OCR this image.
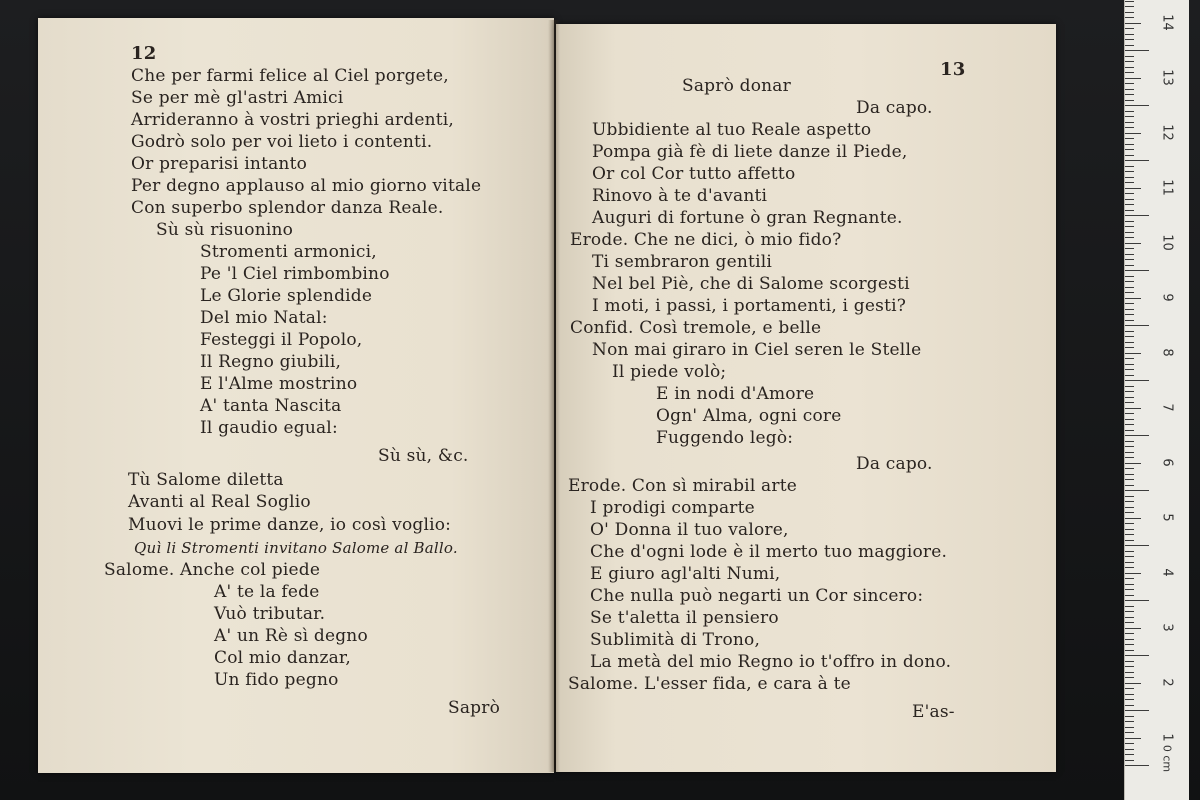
12
Che per farmi felice al Ciel porgete,
Se per mè gl'astri Amici
Arrideranno à vostri prieghi ardenti,
Godrò solo per voi lieto i contenti.
Or preparisi intanto
Per degno applauso al mio giorno vitale
Con superbo splendor danza Reale.
Sù sù risuonino
Stromenti armonici,
Pe 'l Ciel rimbombino
Le Glorie splendide
Del mio Natal:
Festeggi il Popolo,
Il Regno giubili,
E l'Alme mostrino
A' tanta Nascita
Il gaudio egual:
Sù sù, &c.
Tù Salome diletta
Avanti al Real Soglio
Muovi le prime danze, io così voglio:
Quì li Stromenti invitano Salome al Ballo.
Salome. Anche col piede
A' te la fede
Vuò tributar.
A' un Rè sì degno
Col mio danzar,
Un fido pegno
Saprò
13
Saprò donar
Da capo.
Ubbidiente al tuo Reale aspetto
Pompa già fè di liete danze il Piede,
Or col Cor tutto affetto
Rinovo à te d'avanti
Auguri di fortune ò gran Regnante.
Erode. Che ne dici, ò mio fido?
Ti sembraron gentili
Nel bel Piè, che di Salome scorgesti
I moti, i passi, i portamenti, i gesti?
Confid. Così tremole, e belle
Non mai giraro in Ciel seren le Stelle
Il piede volò;
E in nodi d'Amore
Ogn' Alma, ogni core
Fuggendo legò:
Da capo.
Erode. Con sì mirabil arte
I prodigi comparte
O' Donna il tuo valore,
Che d'ogni lode è il merto tuo maggiore.
E giuro agl'alti Numi,
Che nulla può negarti un Cor sincero:
Se t'aletta il pensiero
Sublimità di Trono,
La metà del mio Regno io t'offro in dono.
Salome. L'esser fida, e cara à te
E'as-
0 cm
1
2
3
4
5
6
7
8
9
10
11
12
13
14
